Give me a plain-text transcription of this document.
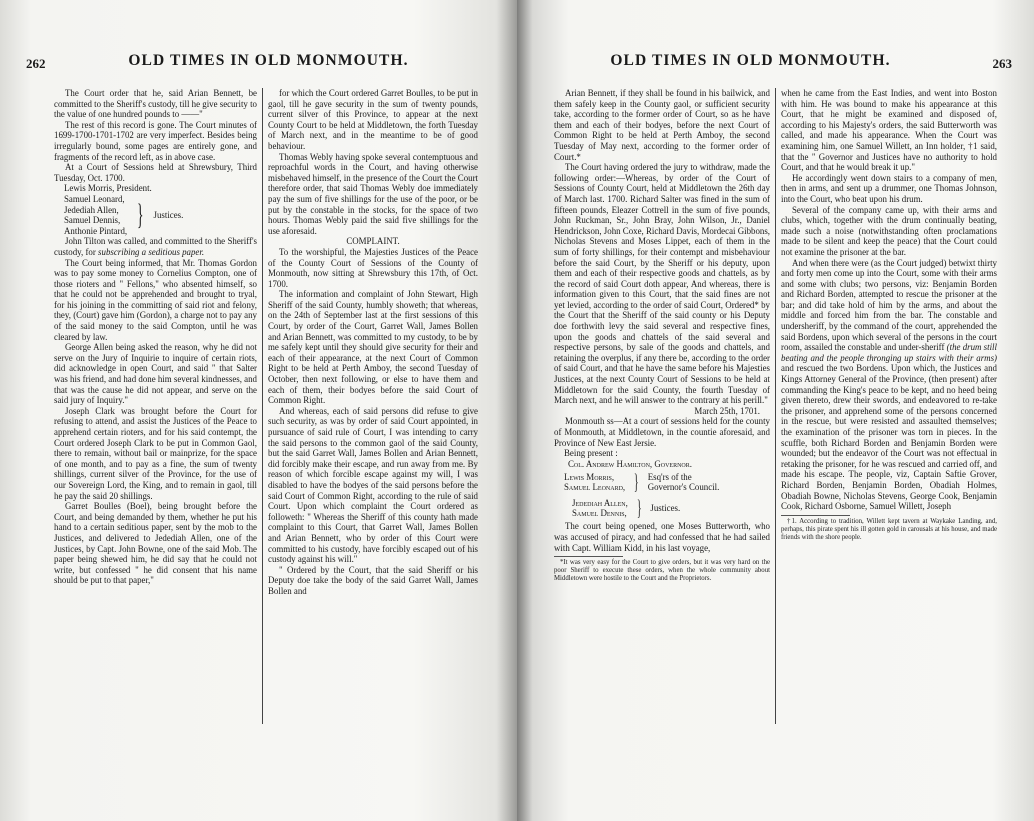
262	OLD TIMES IN OLD MONMOUTH.

The Court order that he, said Arian Bennett, be committed to the Sheriff's custody, till he give security to the value of one hundred pounds to ——"

The rest of this record is gone. The Court minutes of 1699-1700-1701-1702 are very imperfect. Besides being irregularly bound, some pages are entirely gone, and fragments of the record left, as in above case.

At a Court of Sessions held at Shrewsbury, Third Tuesday, Oct. 1700.

Lewis Morris, President.
Samuel Leonard,
Jedediah Allen,
Samuel Dennis,
Anthonie Pintard, } Justices.

John Tilton was called, and committed to the Sheriff's custody, for subscribing a seditious paper.

The Court being informed, that Mr. Thomas Gordon was to pay some money to Cornelius Compton, one of those rioters and " Fellons," who absented himself, so that he could not be apprehended and brought to tryal, for his joining in the committing of said riot and felony, they, (Court) gave him (Gordon), a charge not to pay any of the said money to the said Compton, until he was cleared by law.

George Allen being asked the reason, why he did not serve on the Jury of Inquirie to inquire of certain riots, did acknowledge in open Court, and said " that Salter was his friend, and had done him several kindnesses, and that was the cause he did not appear, and serve on the said jury of Inquiry."

Joseph Clark was brought before the Court for refusing to attend, and assist the Justices of the Peace to apprehend certain rioters, and for his said contempt, the Court ordered Joseph Clark to be put in Common Gaol, there to remain, without bail or mainprize, for the space of one month, and to pay as a fine, the sum of twenty shillings, current silver of the Province, for the use of our Sovereign Lord, the King, and to remain in gaol, till he pay the said 20 shillings.

Garret Boulles (Boel), being brought before the Court, and being demanded by them, whether he put his hand to a certain seditious paper, sent by the mob to the Justices, and delivered to Jedediah Allen, one of the Justices, by Capt. John Bowne, one of the said Mob. The paper being shewed him, he did say that he could not write, but confessed " he did consent that his name should be put to that paper,"

for which the Court ordered Garret Boulles, to be put in gaol, till he gave security in the sum of twenty pounds, current silver of this Province, to appear at the next County Court to be held at Middletown, the forth Tuesday of March next, and in the meantime to be of good behaviour.

Thomas Webly having spoke several contemptuous and reproachful words in the Court, and having otherwise misbehaved himself, in the presence of the Court the Court therefore order, that said Thomas Webly doe immediately pay the sum of five shillings for the use of the poor, or be put by the constable in the stocks, for the space of two hours. Thomas Webly paid the said five shillings for the use aforesaid.

COMPLAINT.

To the worshipful, the Majesties Justices of the Peace of the County Court of Sessions of the County of Monmouth, now sitting at Shrewsbury this 17th, of Oct. 1700.

The information and complaint of John Stewart, High Sheriff of the said County, humbly showeth; that whereas, on the 24th of September last at the first sessions of this Court, by order of the Court, Garret Wall, James Bollen and Arian Bennett, was committed to my custody, to be by me safely kept until they should give security for their and each of their appearance, at the next Court of Common Right to be held at Perth Amboy, the second Tuesday of October, then next following, or else to have them and each of them, their bodyes before the said Court of Common Right.

And whereas, each of said persons did refuse to give such security, as was by order of said Court appointed, in pursuance of said rule of Court, I was intending to carry the said persons to the common gaol of the said County, but the said Garret Wall, James Bollen and Arian Bennett, did forcibly make their escape, and run away from me. By reason of which forcible escape against my will, I was disabled to have the bodyes of the said persons before the said Court of Common Right, according to the rule of said Court. Upon which complaint the Court ordered as followeth: " Whereas the Sheriff of this county hath made complaint to this Court, that Garret Wall, James Bollen and Arian Bennett, who by order of this Court were committed to his custody, have forcibly escaped out of his custody against his will."

" Ordered by the Court, that the said Sheriff or his Deputy doe take the body of the said Garret Wall, James Bollen and

OLD TIMES IN OLD MONMOUTH.	263

Arian Bennett, if they shall be found in his bailwick, and them safely keep in the County gaol, or sufficient security take, according to the former order of Court, so as he have them and each of their bodyes, before the next Court of Common Right to be held at Perth Amboy, the second Tuesday of May next, according to the former order of Court.*

The Court having ordered the jury to withdraw, made the following order:—Whereas, by order of the Court of Sessions of County Court, held at Middletown the 26th day of March last. 1700. Richard Salter was fined in the sum of fifteen pounds, Eleazer Cottrell in the sum of five pounds, John Ruckman, Sr., John Bray, John Wilson, Jr., Daniel Hendrickson, John Coxe, Richard Davis, Mordecai Gibbons, Nicholas Stevens and Moses Lippet, each of them in the sum of forty shillings, for their contempt and misbehaviour before the said Court, by the Sheriff or his deputy, upon them and each of their respective goods and chattels, as by the record of said Court doth appear, And whereas, there is information given to this Court, that the said fines are not yet levied, according to the order of said Court, Ordered* by the Court that the Sheriff of the said county or his Deputy doe forthwith levy the said several and respective fines, upon the goods and chattels of the said several and respective persons, by sale of the goods and chattels, and retaining the overplus, if any there be, according to the order of said Court, and that he have the same before his Majesties Justices, at the next County Court of Sessions to be held at Middletown for the said County, the fourth Tuesday of March next, and he will answer to the contrary at his perill."

March 25th, 1701.

Monmouth ss—At a court of sessions held for the county of Monmouth, at Middletown, in the countie aforesaid, and Province of New East Jersie.

Being present :
Col. Andrew Hamilton, Governor.
Lewis Morris,
Samuel Leonard, } Esq'rs of the
Governor's Council.
Jedediah Allen,
Samuel Dennis, } Justices.

The court being opened, one Moses Butterworth, who was accused of piracy, and had confessed that he had sailed with Capt. William Kidd, in his last voyage,

*It was very easy for the Court to give orders, but it was very hard on the poor Sheriff to execute these orders, when the whole community about Middletown were hostile to the Court and the Proprietors.

when he came from the East Indies, and went into Boston with him. He was bound to make his appearance at this Court, that he might be examined and disposed of, according to his Majesty's orders, the said Butterworth was called, and made his appearance. When the Court was examining him, one Samuel Willett, an Inn holder, †1 said, that the " Governor and Justices have no authority to hold Court, and that he would break it up."

He accordingly went down stairs to a company of men, then in arms, and sent up a drummer, one Thomas Johnson, into the Court, who beat upon his drum.

Several of the company came up, with their arms and clubs, which, together with the drum continually beating, made such a noise (notwithstanding often proclamations made to be silent and keep the peace) that the Court could not examine the prisoner at the bar.

And when there were (as the Court judged) betwixt thirty and forty men come up into the Court, some with their arms and some with clubs; two persons, viz: Benjamin Borden and Richard Borden, attempted to rescue the prisoner at the bar; and did take hold of him by the arms, and about the middle and forced him from the bar. The constable and undersheriff, by the command of the court, apprehended the said Bordens, upon which several of the persons in the court room, assailed the constable and under-sheriff (the drum still beating and the people thronging up stairs with their arms) and rescued the two Bordens. Upon which, the Justices and Kings Attorney General of the Province, (then present) after commanding the King's peace to be kept, and no heed being given thereto, drew their swords, and endeavored to re-take the prisoner, and apprehend some of the persons concerned in the rescue, but were resisted and assaulted themselves; the examination of the prisoner was torn in pieces. In the scuffle, both Richard Borden and Benjamin Borden were wounded; but the endeavor of the Court was not effectual in retaking the prisoner, for he was rescued and carried off, and made his escape. The people, viz, Captain Saftie Grover, Richard Borden, Benjamin Borden, Obadiah Holmes, Obadiah Bowne, Nicholas Stevens, George Cook, Benjamin Cook, Richard Osborne, Samuel Willett, Joseph

†1. According to tradition, Willett kept tavern at Waykake Landing, and, perhaps, this pirate spent his ill gotten gold in carousals at his house, and made friends with the shore people.
